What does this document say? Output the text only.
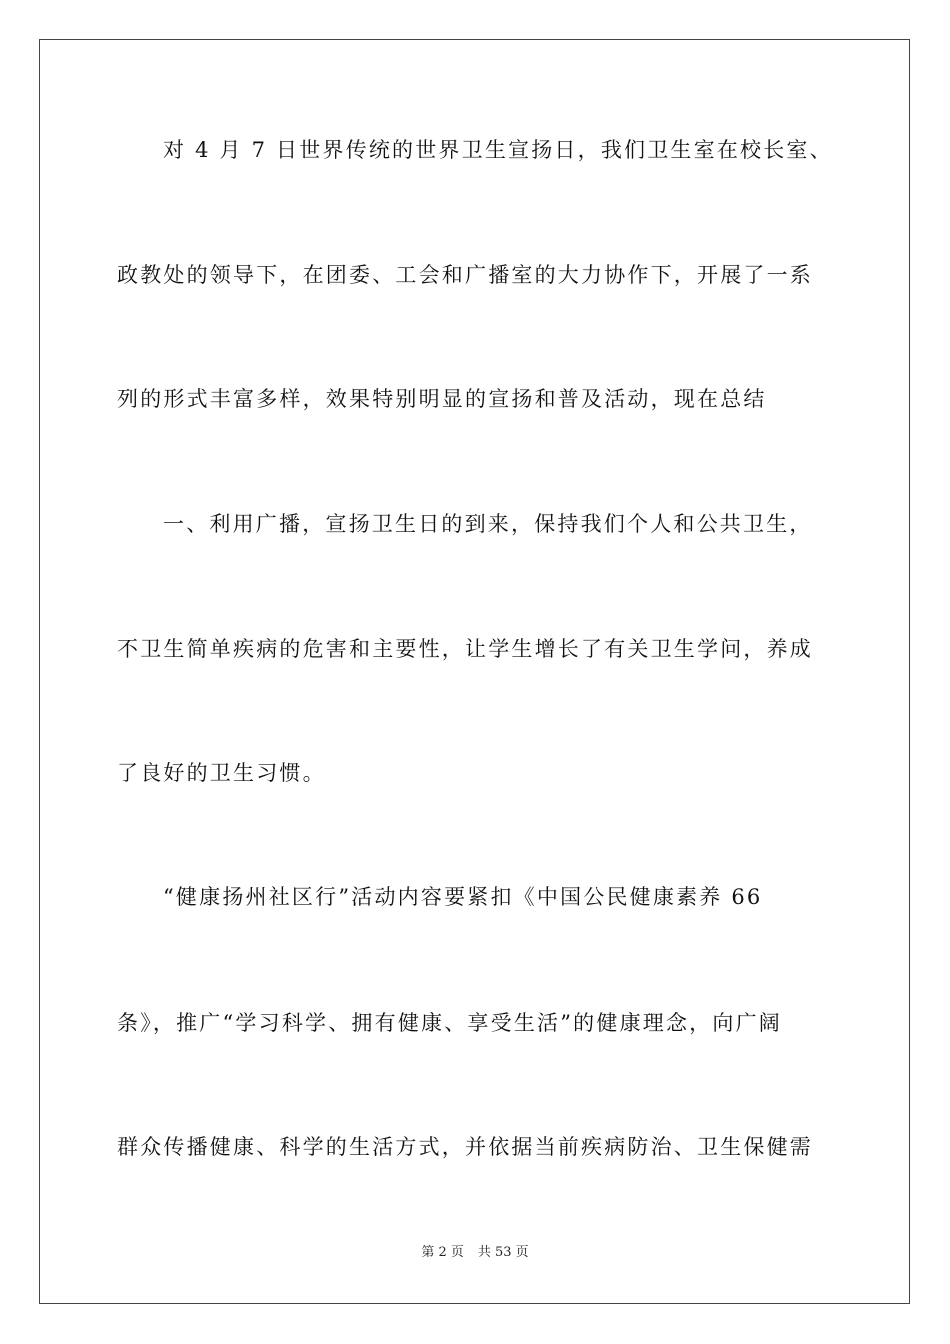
对 4 月 7 日世界传统的世界卫生宣扬日，我们卫生室在校长室、

政教处的领导下，在团委、工会和广播室的大力协作下，开展了一系

列的形式丰富多样，效果特别明显的宣扬和普及活动，现在总结

一、利用广播，宣扬卫生日的到来，保持我们个人和公共卫生，

不卫生简单疾病的危害和主要性，让学生增长了有关卫生学问，养成

了良好的卫生习惯。

“健康扬州社区行”活动内容要紧扣《中国公民健康素养 66

条》，推广“学习科学、拥有健康、享受生活”的健康理念，向广阔

群众传播健康、科学的生活方式，并依据当前疾病防治、卫生保健需

第 2 页 共 53 页
